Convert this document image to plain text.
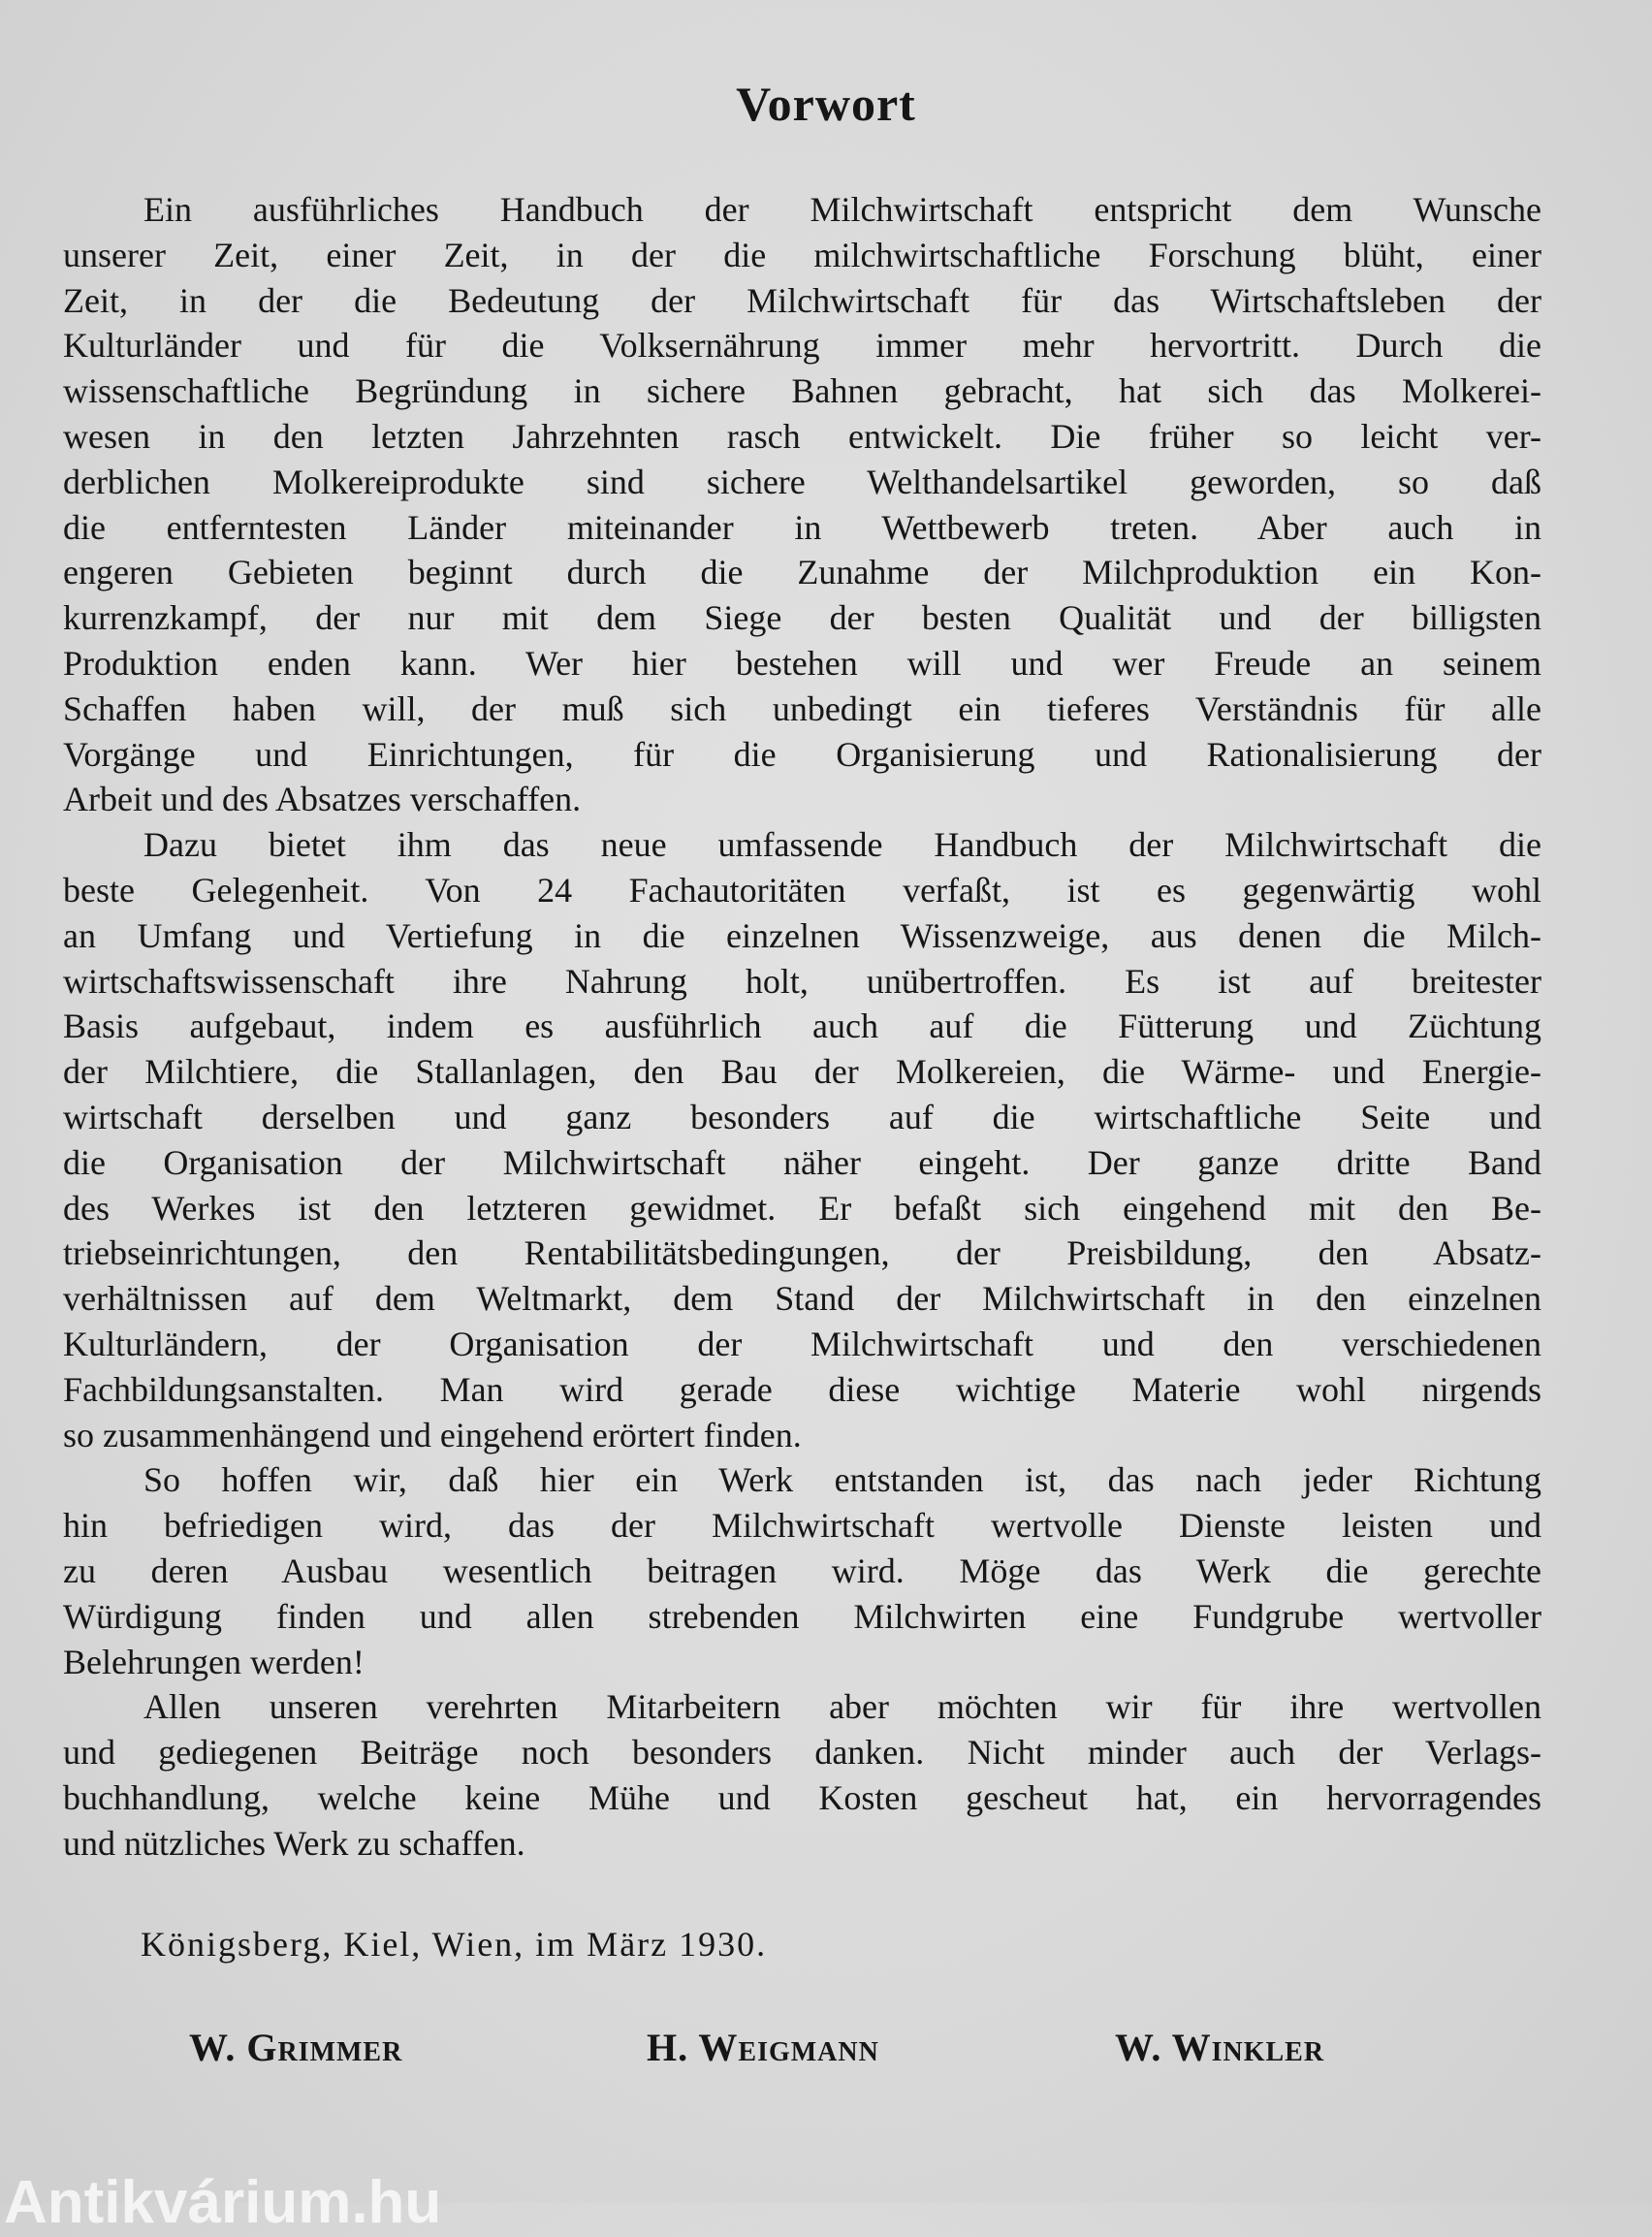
Vorwort
Ein ausführliches Handbuch der Milchwirtschaft entspricht dem Wunsche
unserer Zeit, einer Zeit, in der die milchwirtschaftliche Forschung blüht, einer
Zeit, in der die Bedeutung der Milchwirtschaft für das Wirtschaftsleben der
Kulturländer und für die Volksernährung immer mehr hervortritt. Durch die
wissenschaftliche Begründung in sichere Bahnen gebracht, hat sich das Molkerei-
wesen in den letzten Jahrzehnten rasch entwickelt. Die früher so leicht ver-
derblichen Molkereiprodukte sind sichere Welthandelsartikel geworden, so daß
die entferntesten Länder miteinander in Wettbewerb treten. Aber auch in
engeren Gebieten beginnt durch die Zunahme der Milchproduktion ein Kon-
kurrenzkampf, der nur mit dem Siege der besten Qualität und der billigsten
Produktion enden kann. Wer hier bestehen will und wer Freude an seinem
Schaffen haben will, der muß sich unbedingt ein tieferes Verständnis für alle
Vorgänge und Einrichtungen, für die Organisierung und Rationalisierung der
Arbeit und des Absatzes verschaffen.
Dazu bietet ihm das neue umfassende Handbuch der Milchwirtschaft die
beste Gelegenheit. Von 24 Fachautoritäten verfaßt, ist es gegenwärtig wohl
an Umfang und Vertiefung in die einzelnen Wissenzweige, aus denen die Milch-
wirtschaftswissenschaft ihre Nahrung holt, unübertroffen. Es ist auf breitester
Basis aufgebaut, indem es ausführlich auch auf die Fütterung und Züchtung
der Milchtiere, die Stallanlagen, den Bau der Molkereien, die Wärme- und Energie-
wirtschaft derselben und ganz besonders auf die wirtschaftliche Seite und
die Organisation der Milchwirtschaft näher eingeht. Der ganze dritte Band
des Werkes ist den letzteren gewidmet. Er befaßt sich eingehend mit den Be-
triebseinrichtungen, den Rentabilitätsbedingungen, der Preisbildung, den Absatz-
verhältnissen auf dem Weltmarkt, dem Stand der Milchwirtschaft in den einzelnen
Kulturländern, der Organisation der Milchwirtschaft und den verschiedenen
Fachbildungsanstalten. Man wird gerade diese wichtige Materie wohl nirgends
so zusammenhängend und eingehend erörtert finden.
So hoffen wir, daß hier ein Werk entstanden ist, das nach jeder Richtung
hin befriedigen wird, das der Milchwirtschaft wertvolle Dienste leisten und
zu deren Ausbau wesentlich beitragen wird. Möge das Werk die gerechte
Würdigung finden und allen strebenden Milchwirten eine Fundgrube wertvoller
Belehrungen werden!
Allen unseren verehrten Mitarbeitern aber möchten wir für ihre wertvollen
und gediegenen Beiträge noch besonders danken. Nicht minder auch der Verlags-
buchhandlung, welche keine Mühe und Kosten gescheut hat, ein hervorragendes
und nützliches Werk zu schaffen.
Königsberg, Kiel, Wien, im März 1930.
W. Grimmer	H. Weigmann	W. Winkler
Antikvárium.hu
